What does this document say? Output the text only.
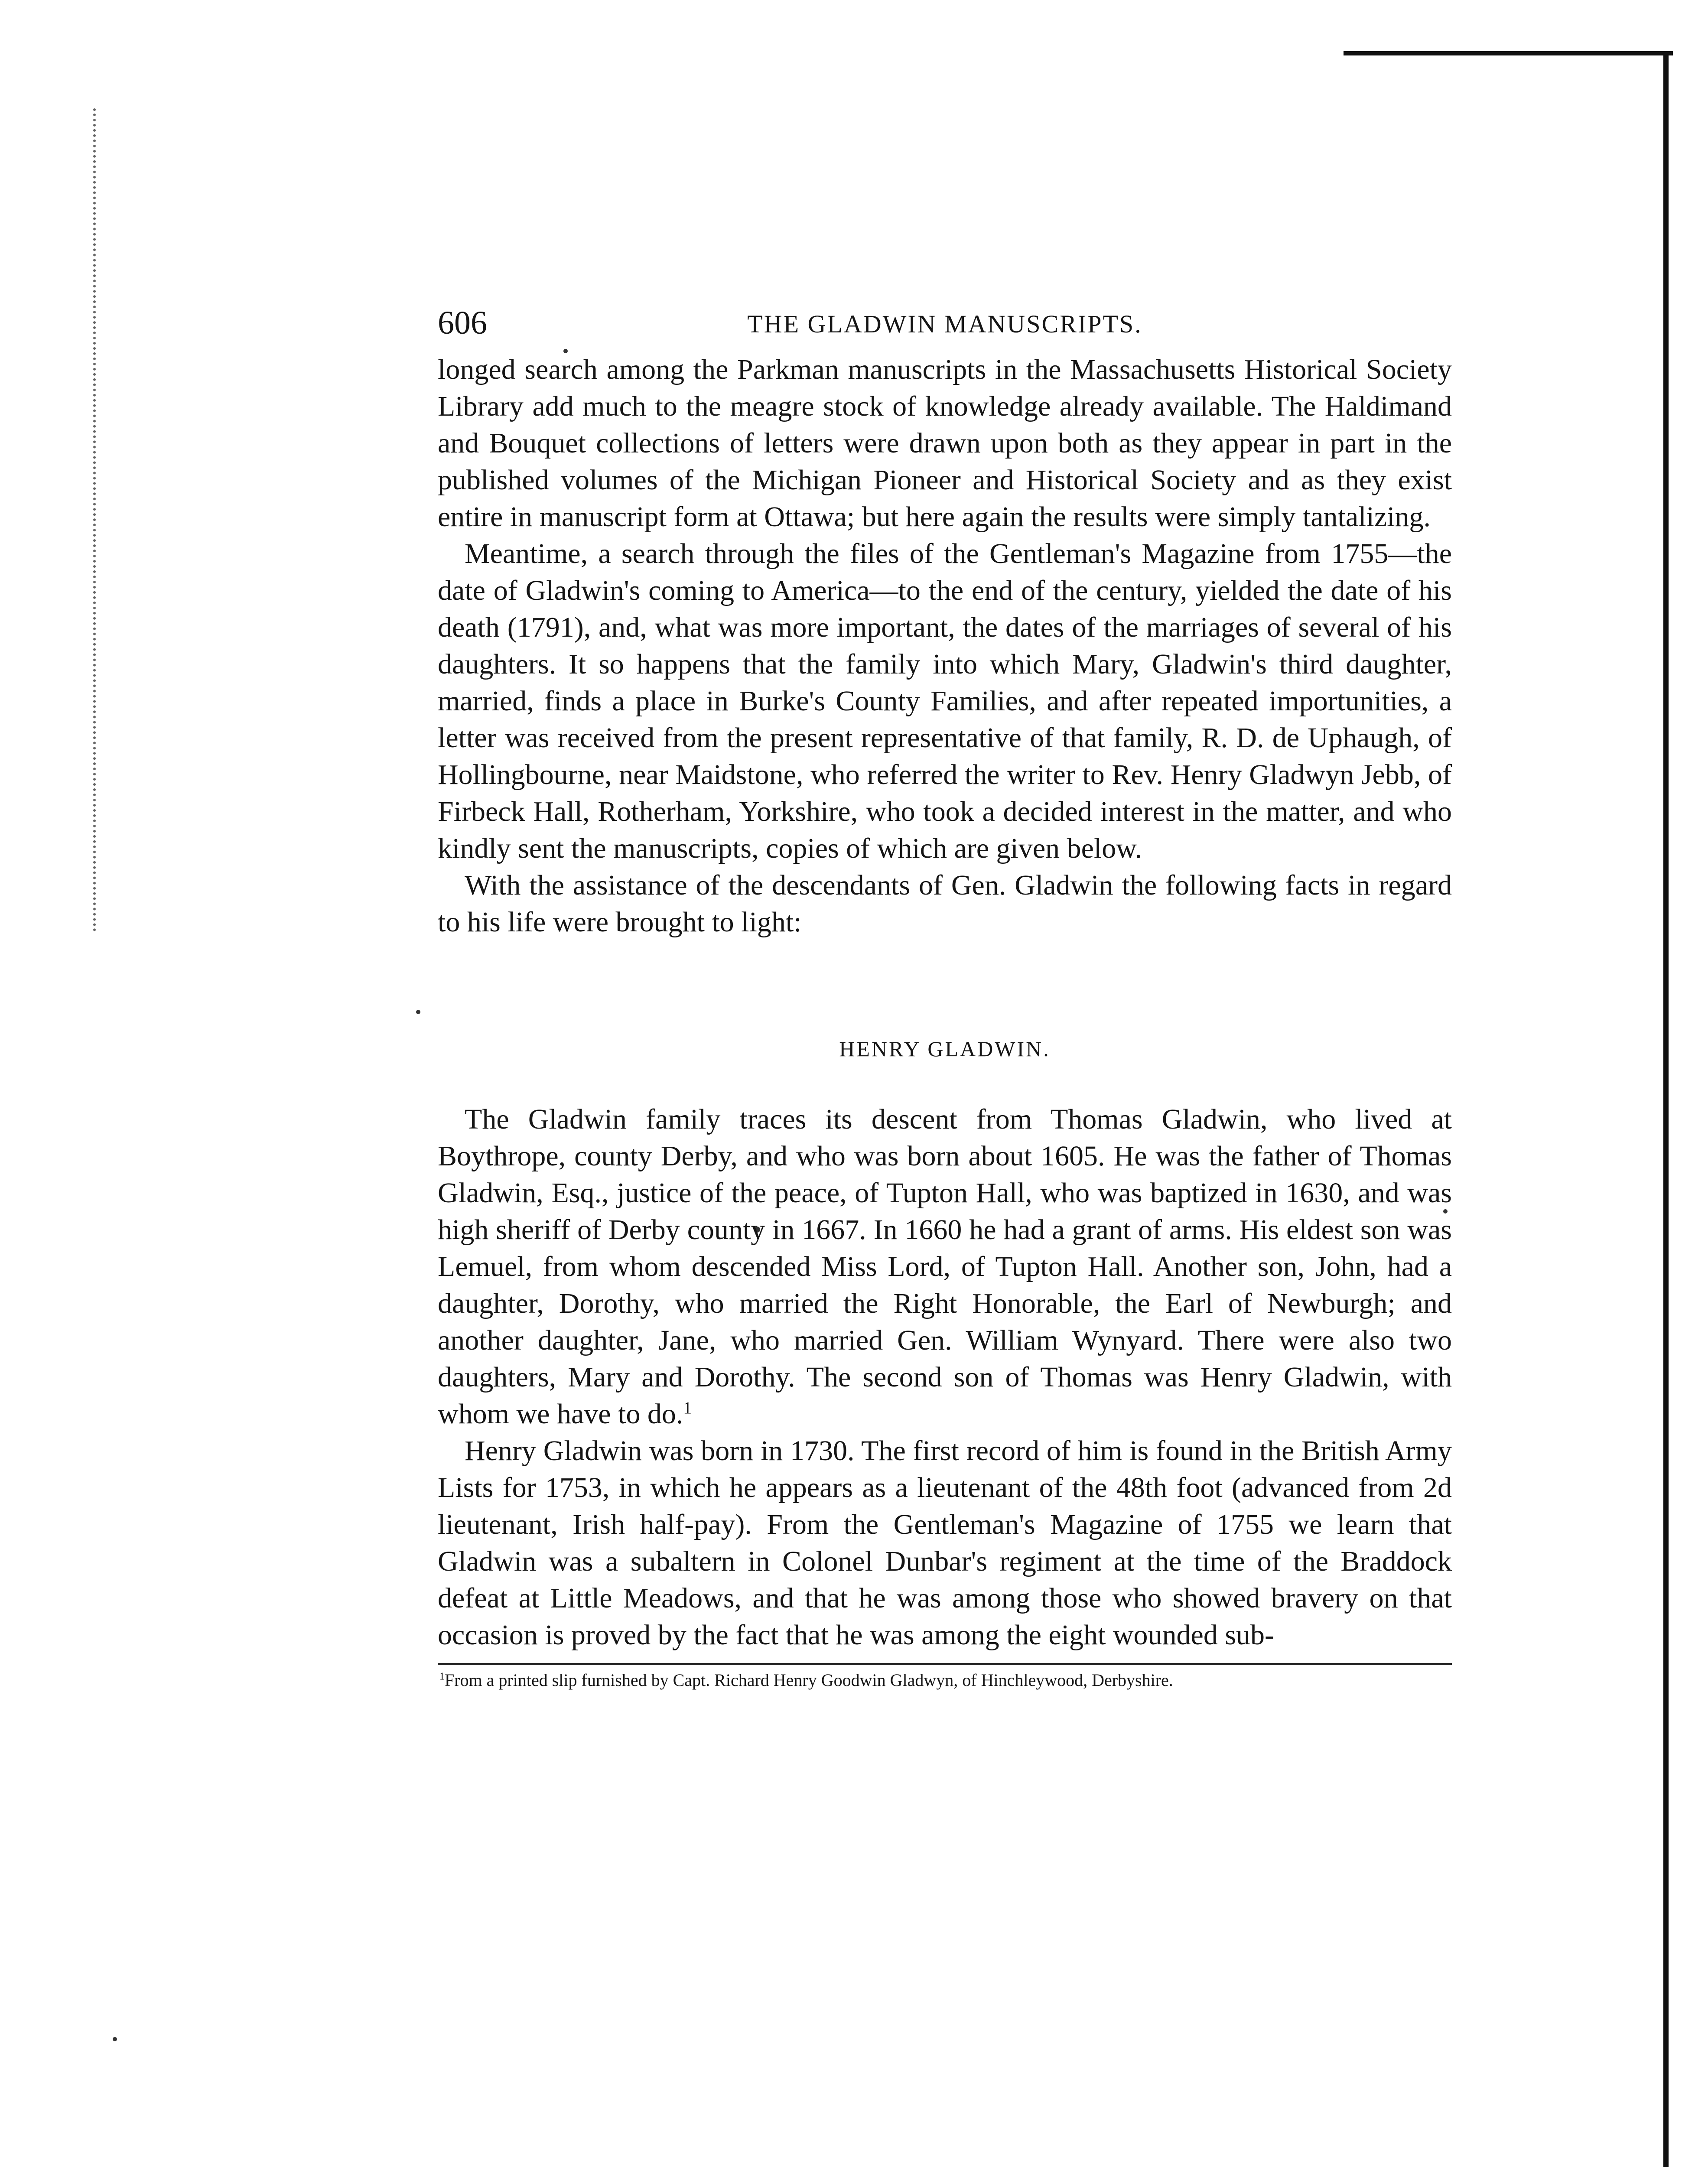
606	THE GLADWIN MANUSCRIPTS.

longed search among the Parkman manuscripts in the Massachusetts Historical Society Library add much to the meagre stock of knowledge already available. The Haldimand and Bouquet collections of letters were drawn upon both as they appear in part in the published volumes of the Michigan Pioneer and Historical Society and as they exist entire in manuscript form at Ottawa; but here again the results were simply tantalizing.

Meantime, a search through the files of the Gentleman's Magazine from 1755—the date of Gladwin's coming to America—to the end of the century, yielded the date of his death (1791), and, what was more important, the dates of the marriages of several of his daughters. It so happens that the family into which Mary, Gladwin's third daughter, married, finds a place in Burke's County Families, and after repeated importunities, a letter was received from the present representative of that family, R. D. de Uphaugh, of Hollingbourne, near Maidstone, who referred the writer to Rev. Henry Gladwyn Jebb, of Firbeck Hall, Rotherham, Yorkshire, who took a decided interest in the matter, and who kindly sent the manuscripts, copies of which are given below.

With the assistance of the descendants of Gen. Gladwin the following facts in regard to his life were brought to light:

HENRY GLADWIN.

The Gladwin family traces its descent from Thomas Gladwin, who lived at Boythrope, county Derby, and who was born about 1605. He was the father of Thomas Gladwin, Esq., justice of the peace, of Tupton Hall, who was baptized in 1630, and was high sheriff of Derby county in 1667. In 1660 he had a grant of arms. His eldest son was Lemuel, from whom descended Miss Lord, of Tupton Hall. Another son, John, had a daughter, Dorothy, who married the Right Honorable, the Earl of Newburgh; and another daughter, Jane, who married Gen. William Wynyard. There were also two daughters, Mary and Dorothy. The second son of Thomas was Henry Gladwin, with whom we have to do.$^1$

Henry Gladwin was born in 1730. The first record of him is found in the British Army Lists for 1753, in which he appears as a lieutenant of the 48th foot (advanced from 2d lieutenant, Irish half-pay). From the Gentleman's Magazine of 1755 we learn that Gladwin was a subaltern in Colonel Dunbar's regiment at the time of the Braddock defeat at Little Meadows, and that he was among those who showed bravery on that occasion is proved by the fact that he was among the eight wounded sub-

$^1$From a printed slip furnished by Capt. Richard Henry Goodwin Gladwyn, of Hinchleywood, Derbyshire.
